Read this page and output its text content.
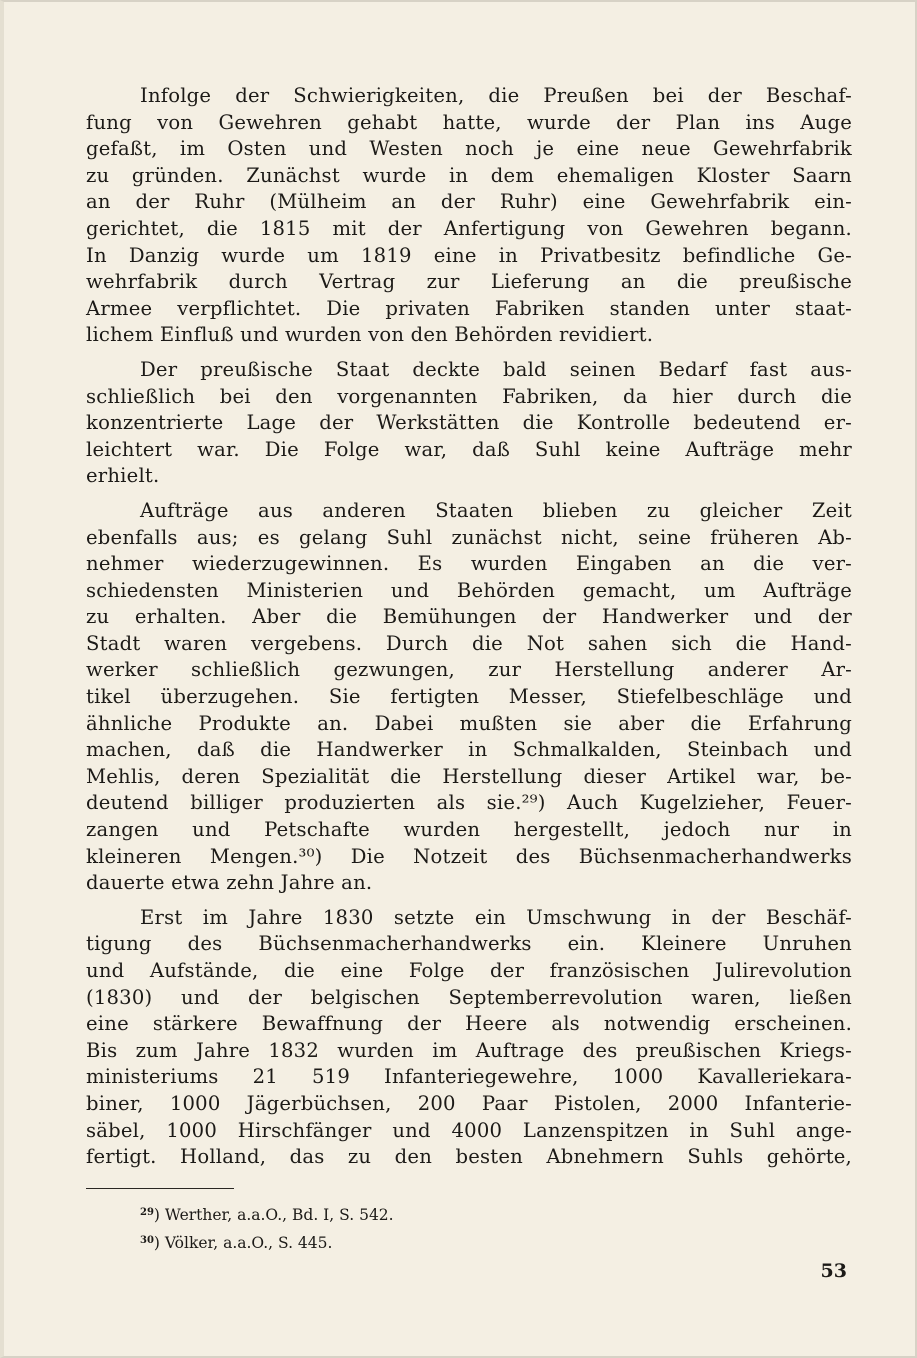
Infolge der Schwierigkeiten, die Preußen bei der Beschaf-
fung von Gewehren gehabt hatte, wurde der Plan ins Auge
gefaßt, im Osten und Westen noch je eine neue Gewehrfabrik
zu gründen. Zunächst wurde in dem ehemaligen Kloster Saarn
an der Ruhr (Mülheim an der Ruhr) eine Gewehrfabrik ein-
gerichtet, die 1815 mit der Anfertigung von Gewehren begann.
In Danzig wurde um 1819 eine in Privatbesitz befindliche Ge-
wehrfabrik durch Vertrag zur Lieferung an die preußische
Armee verpflichtet. Die privaten Fabriken standen unter staat-
lichem Einfluß und wurden von den Behörden revidiert.

Der preußische Staat deckte bald seinen Bedarf fast aus-
schließlich bei den vorgenannten Fabriken, da hier durch die
konzentrierte Lage der Werkstätten die Kontrolle bedeutend er-
leichtert war. Die Folge war, daß Suhl keine Aufträge mehr
erhielt.

Aufträge aus anderen Staaten blieben zu gleicher Zeit
ebenfalls aus; es gelang Suhl zunächst nicht, seine früheren Ab-
nehmer wiederzugewinnen. Es wurden Eingaben an die ver-
schiedensten Ministerien und Behörden gemacht, um Aufträge
zu erhalten. Aber die Bemühungen der Handwerker und der
Stadt waren vergebens. Durch die Not sahen sich die Hand-
werker schließlich gezwungen, zur Herstellung anderer Ar-
tikel überzugehen. Sie fertigten Messer, Stiefelbeschläge und
ähnliche Produkte an. Dabei mußten sie aber die Erfahrung
machen, daß die Handwerker in Schmalkalden, Steinbach und
Mehlis, deren Spezialität die Herstellung dieser Artikel war, be-
deutend billiger produzierten als sie.²⁹) Auch Kugelzieher, Feuer-
zangen und Petschafte wurden hergestellt, jedoch nur in
kleineren Mengen.³⁰) Die Notzeit des Büchsenmacherhandwerks
dauerte etwa zehn Jahre an.

Erst im Jahre 1830 setzte ein Umschwung in der Beschäf-
tigung des Büchsenmacherhandwerks ein. Kleinere Unruhen
und Aufstände, die eine Folge der französischen Julirevolution
(1830) und der belgischen Septemberrevolution waren, ließen
eine stärkere Bewaffnung der Heere als notwendig erscheinen.
Bis zum Jahre 1832 wurden im Auftrage des preußischen Kriegs-
ministeriums 21 519 Infanteriegewehre, 1000 Kavalleriekara-
biner, 1000 Jägerbüchsen, 200 Paar Pistolen, 2000 Infanterie-
säbel, 1000 Hirschfänger und 4000 Lanzenspitzen in Suhl ange-
fertigt. Holland, das zu den besten Abnehmern Suhls gehörte,

$^{29}$) Werther, a.a.O., Bd. I, S. 542.
$^{30}$) Völker, a.a.O., S. 445.
53
